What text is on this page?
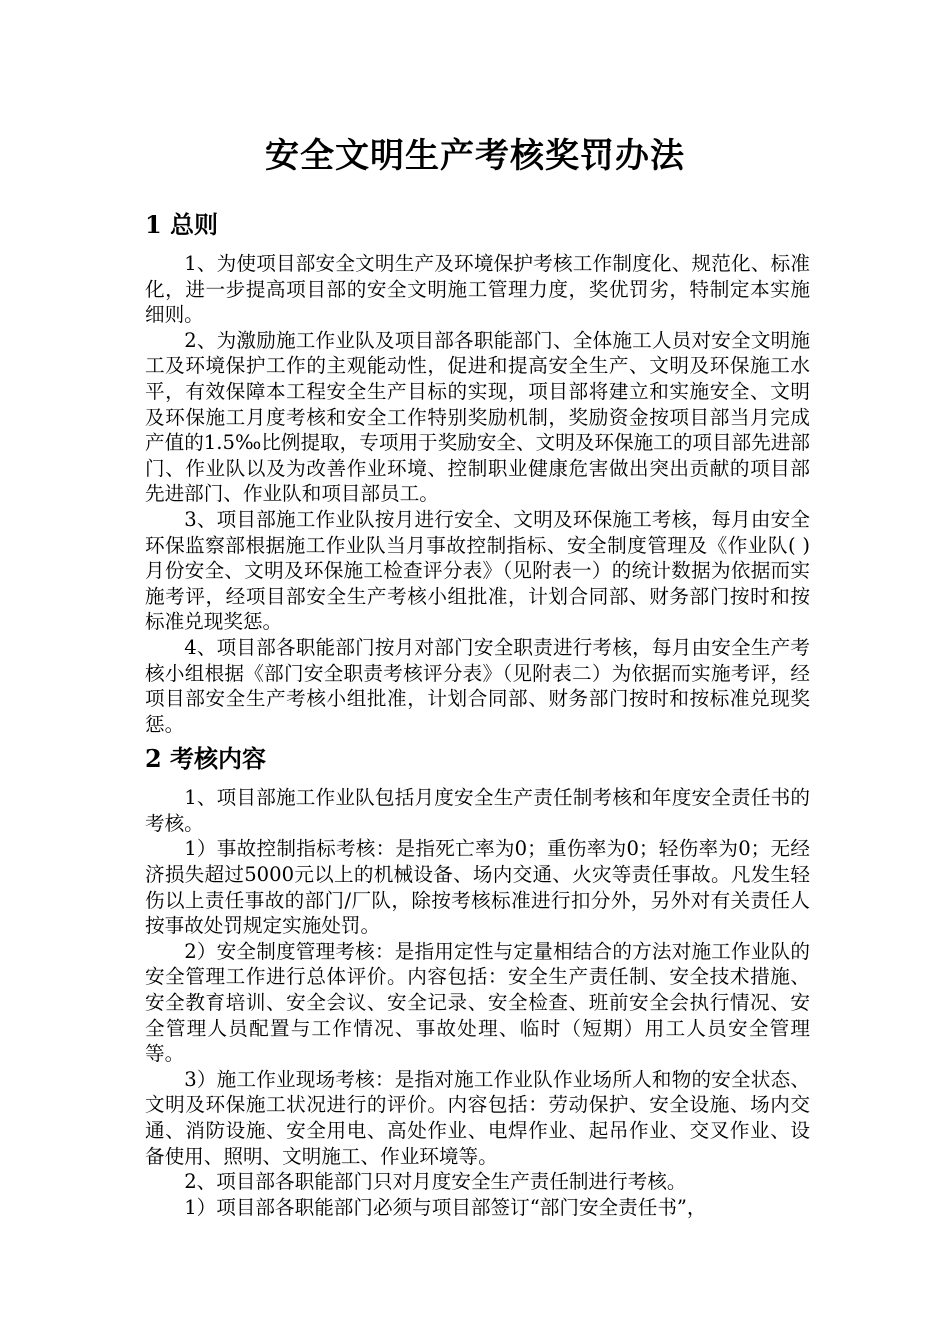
安全文明生产考核奖罚办法
1 总则

1、为使项目部安全文明生产及环境保护考核工作制度化、规范化、标准化，进一步提高项目部的安全文明施工管理力度，奖优罚劣，特制定本实施细则。

2、为激励施工作业队及项目部各职能部门、全体施工人员对安全文明施工及环境保护工作的主观能动性，促进和提高安全生产、文明及环保施工水平，有效保障本工程安全生产目标的实现，项目部将建立和实施安全、文明及环保施工月度考核和安全工作特别奖励机制，奖励资金按项目部当月完成产值的1.5‰比例提取，专项用于奖励安全、文明及环保施工的项目部先进部门、作业队以及为改善作业环境、控制职业健康危害做出突出贡献的项目部先进部门、作业队和项目部员工。

3、项目部施工作业队按月进行安全、文明及环保施工考核，每月由安全环保监察部根据施工作业队当月事故控制指标、安全制度管理及《作业队( )月份安全、文明及环保施工检查评分表》（见附表一）的统计数据为依据而实施考评，经项目部安全生产考核小组批准，计划合同部、财务部门按时和按标准兑现奖惩。

4、项目部各职能部门按月对部门安全职责进行考核，每月由安全生产考核小组根据《部门安全职责考核评分表》（见附表二）为依据而实施考评，经项目部安全生产考核小组批准，计划合同部、财务部门按时和按标准兑现奖惩。

2 考核内容

1、项目部施工作业队包括月度安全生产责任制考核和年度安全责任书的考核。

1）事故控制指标考核：是指死亡率为0；重伤率为0；轻伤率为0；无经济损失超过5000元以上的机械设备、场内交通、火灾等责任事故。凡发生轻伤以上责任事故的部门/厂队，除按考核标准进行扣分外，另外对有关责任人按事故处罚规定实施处罚。

2）安全制度管理考核：是指用定性与定量相结合的方法对施工作业队的安全管理工作进行总体评价。内容包括：安全生产责任制、安全技术措施、安全教育培训、安全会议、安全记录、安全检查、班前安全会执行情况、安全管理人员配置与工作情况、事故处理、临时（短期）用工人员安全管理等。

3）施工作业现场考核：是指对施工作业队作业场所人和物的安全状态、文明及环保施工状况进行的评价。内容包括：劳动保护、安全设施、场内交通、消防设施、安全用电、高处作业、电焊作业、起吊作业、交叉作业、设备使用、照明、文明施工、作业环境等。

2、项目部各职能部门只对月度安全生产责任制进行考核。

1）项目部各职能部门必须与项目部签订“部门安全责任书”，
